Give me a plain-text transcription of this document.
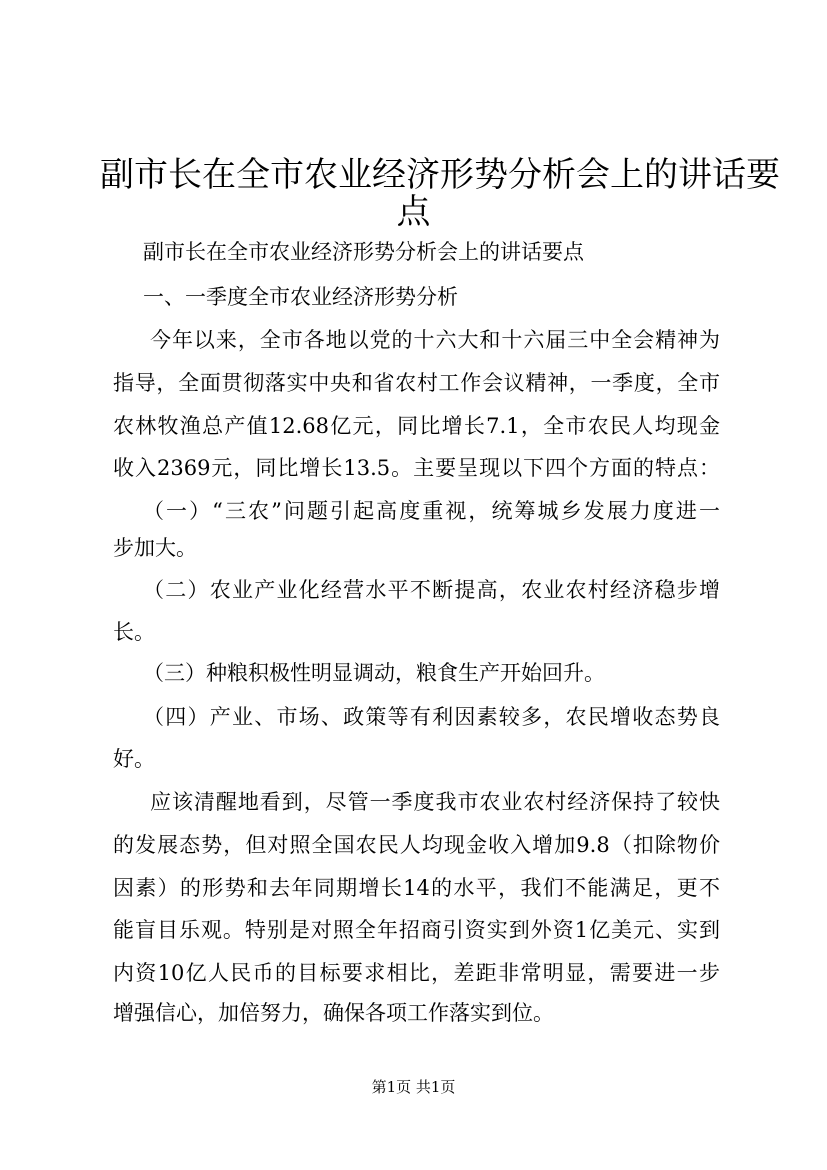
副市长在全市农业经济形势分析会上的讲话要
点
副市长在全市农业经济形势分析会上的讲话要点
一、一季度全市农业经济形势分析
今年以来，全市各地以党的十六大和十六届三中全会精神为
指导，全面贯彻落实中央和省农村工作会议精神，一季度，全市
农林牧渔总产值12.68亿元，同比增长7.1，全市农民人均现金
收入2369元，同比增长13.5。主要呈现以下四个方面的特点：
（一）“三农”问题引起高度重视，统筹城乡发展力度进一
步加大。
（二）农业产业化经营水平不断提高，农业农村经济稳步增
长。
（三）种粮积极性明显调动，粮食生产开始回升。
（四）产业、市场、政策等有利因素较多，农民增收态势良
好。
应该清醒地看到，尽管一季度我市农业农村经济保持了较快
的发展态势，但对照全国农民人均现金收入增加9.8（扣除物价
因素）的形势和去年同期增长14的水平，我们不能满足，更不
能盲目乐观。特别是对照全年招商引资实到外资1亿美元、实到
内资10亿人民币的目标要求相比，差距非常明显，需要进一步
增强信心，加倍努力，确保各项工作落实到位。
第1页 共1页
